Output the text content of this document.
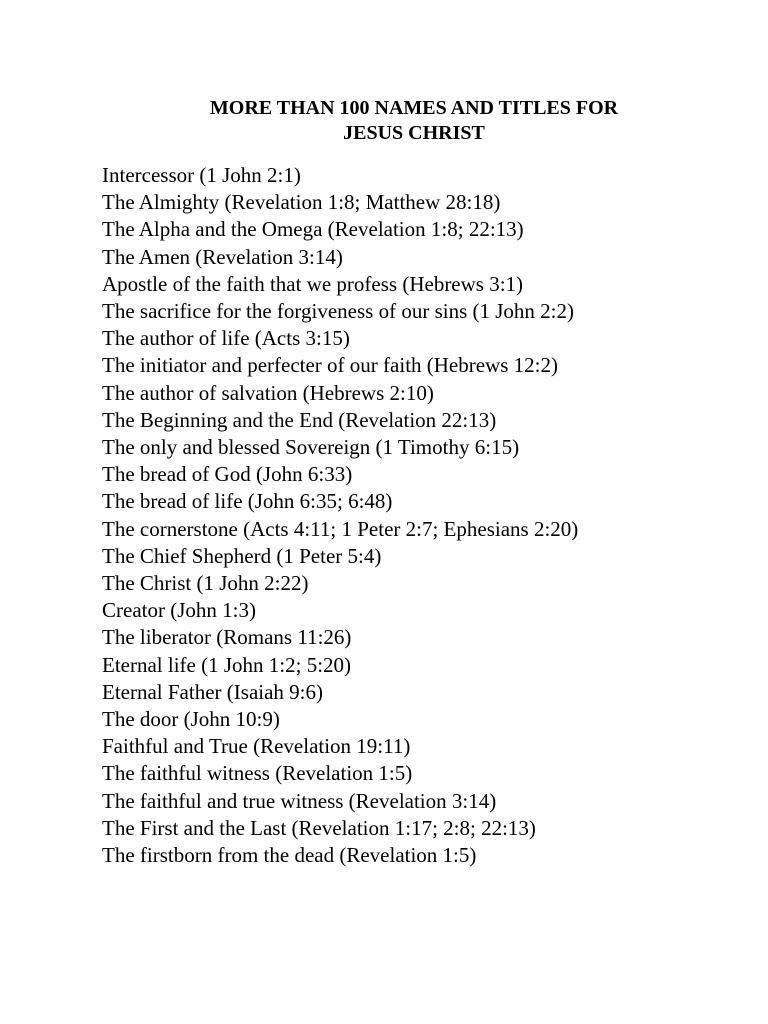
MORE THAN 100 NAMES AND TITLES FOR
JESUS CHRIST
Intercessor (1 John 2:1)
The Almighty (Revelation 1:8; Matthew 28:18)
The Alpha and the Omega (Revelation 1:8; 22:13)
The Amen (Revelation 3:14)
Apostle of the faith that we profess (Hebrews 3:1)
The sacrifice for the forgiveness of our sins (1 John 2:2)
The author of life (Acts 3:15)
The initiator and perfecter of our faith (Hebrews 12:2)
The author of salvation (Hebrews 2:10)
The Beginning and the End (Revelation 22:13)
The only and blessed Sovereign (1 Timothy 6:15)
The bread of God (John 6:33)
The bread of life (John 6:35; 6:48)
The cornerstone (Acts 4:11; 1 Peter 2:7; Ephesians 2:20)
The Chief Shepherd (1 Peter 5:4)
The Christ (1 John 2:22)
Creator (John 1:3)
The liberator (Romans 11:26)
Eternal life (1 John 1:2; 5:20)
Eternal Father (Isaiah 9:6)
The door (John 10:9)
Faithful and True (Revelation 19:11)
The faithful witness (Revelation 1:5)
The faithful and true witness (Revelation 3:14)
The First and the Last (Revelation 1:17; 2:8; 22:13)
The firstborn from the dead (Revelation 1:5)
